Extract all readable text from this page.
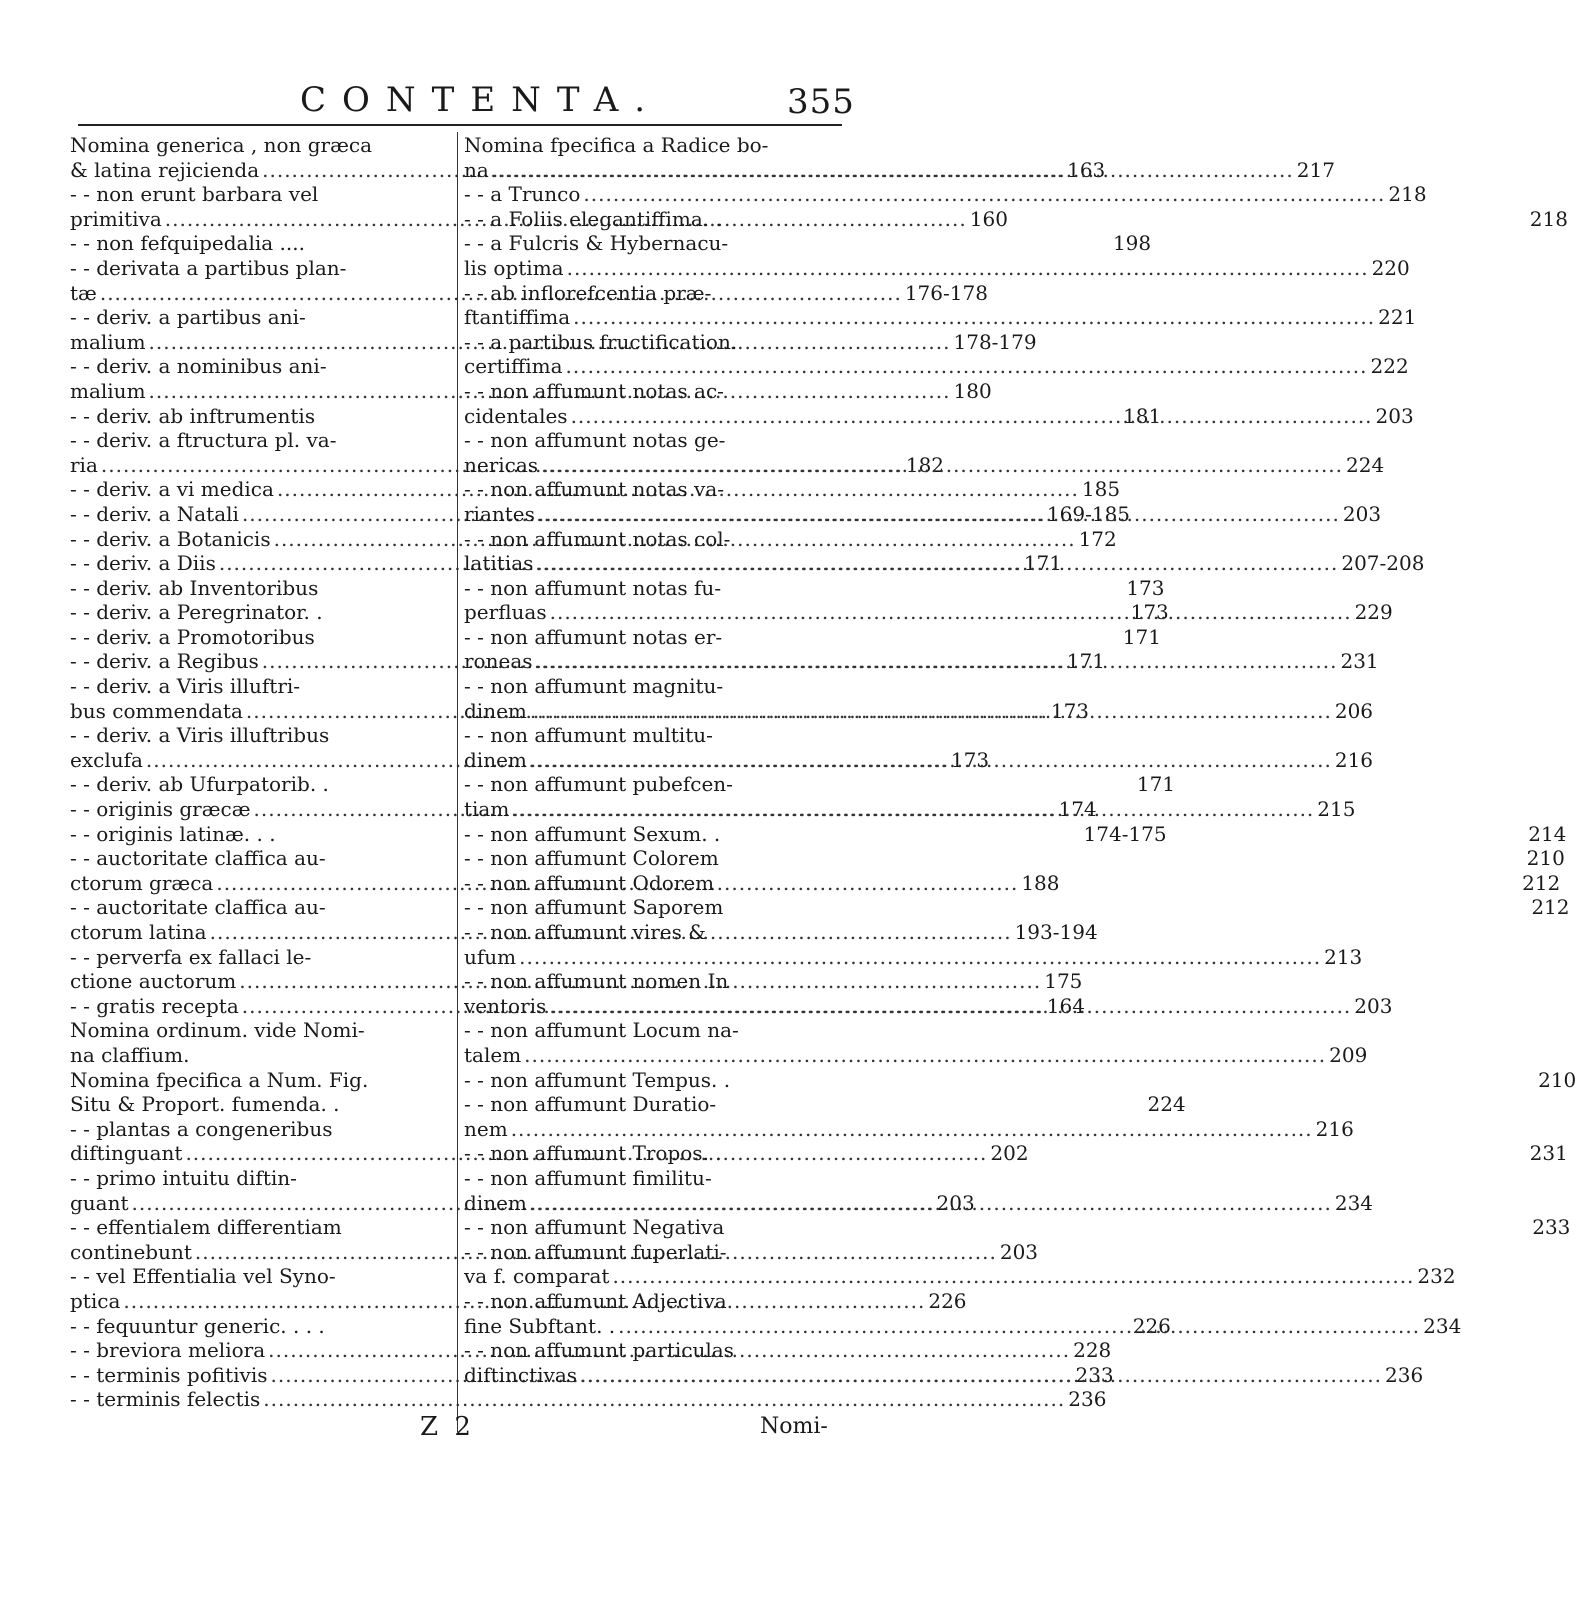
CONTENTA.	355
Nomina generica , non græca
& latina rejicienda .....	163
- - non erunt barbara vel
primitiva .....	160
- - non fefquipedalia ....	198
- - derivata a partibus plan-
tæ .....	176-178
- - deriv. a partibus ani-
malium .....	178-179
- - deriv. a nominibus ani-
malium .....	180
- - deriv. ab inftrumentis	181
- - deriv. a ftructura pl. va-
ria .....	182
- - deriv. a vi medica .....	185
- - deriv. a Natali .....	169-185
- - deriv. a Botanicis .....	172
- - deriv. a Diis .....	171
- - deriv. ab Inventoribus	173
- - deriv. a Peregrinator. .	173
- - deriv. a Promotoribus	171
- - deriv. a Regibus .....	171
- - deriv. a Viris illuftri-
bus commendata .....	173
- - deriv. a Viris illuftribus
exclufa .....	173
- - deriv. ab Ufurpatorib. .	171
- - originis græcæ .....	174
- - originis latinæ. . .	174-175
- - auctoritate claffica au-
ctorum græca .....	188
- - auctoritate claffica au-
ctorum latina .....	193-194
- - perverfa ex fallaci le-
ctione auctorum .....	175
- - gratis recepta .....	164
Nomina ordinum. vide Nomi-
na claffium.
Nomina fpecifica a Num. Fig.
Situ & Proport. fumenda. .	224
- - plantas a congeneribus
diftinguant .....	202
- - primo intuitu diftin-
guant .....	203
- - effentialem differentiam
continebunt .....	203
- - vel Effentialia vel Syno-
ptica .....	226
- - fequuntur generic. . . .	226
- - breviora meliora .....	228
- - terminis pofitivis .....	233
- - terminis felectis .....	236
Nomina fpecifica a Radice bo-
na .....	217
- - a Trunco .....	218
- - a Foliis elegantiffima. .	218
- - a Fulcris & Hybernacu-
lis optima .....	220
- - ab inflorefcentia præ-
ftantiffima .....	221
- - a partibus fructification.
certiffima .....	222
- - non affumunt notas ac-
cidentales .....	203
- - non affumunt notas ge-
nericas .....	224
- - non affumunt notas va-
riantes .....	203
- - non affumunt notas col-
latitias .....	207-208
- - non affumunt notas fu-
perfluas .....	229
- - non affumunt notas er-
roneas .....	231
- - non affumunt magnitu-
dinem .....	206
- - non affumunt multitu-
dinem .....	216
- - non affumunt pubefcen-
tiam .....	215
- - non affumunt Sexum. .	214
- - non affumunt Colorem	210
- - non affumunt Odorem	212
- - non affumunt Saporem	212
- - non affumunt vires &
ufum .....	213
- - non affumunt nomen In
ventoris .....	203
- - non affumunt Locum na-
talem .....	209
- - non affumunt Tempus. .	210
- - non affumunt Duratio-
nem .....	216
- - non affumunt Tropos. .	231
- - non affumunt fimilitu-
dinem .....	234
- - non affumunt Negativa	233
- - non affumunt fuperlati-
va f. comparat .....	232
- - non affumunt Adjectiva
fine Subftant. . .....	234
- - non affumunt particulas
diftinctivas .....	236
Z 2	Nomi-
